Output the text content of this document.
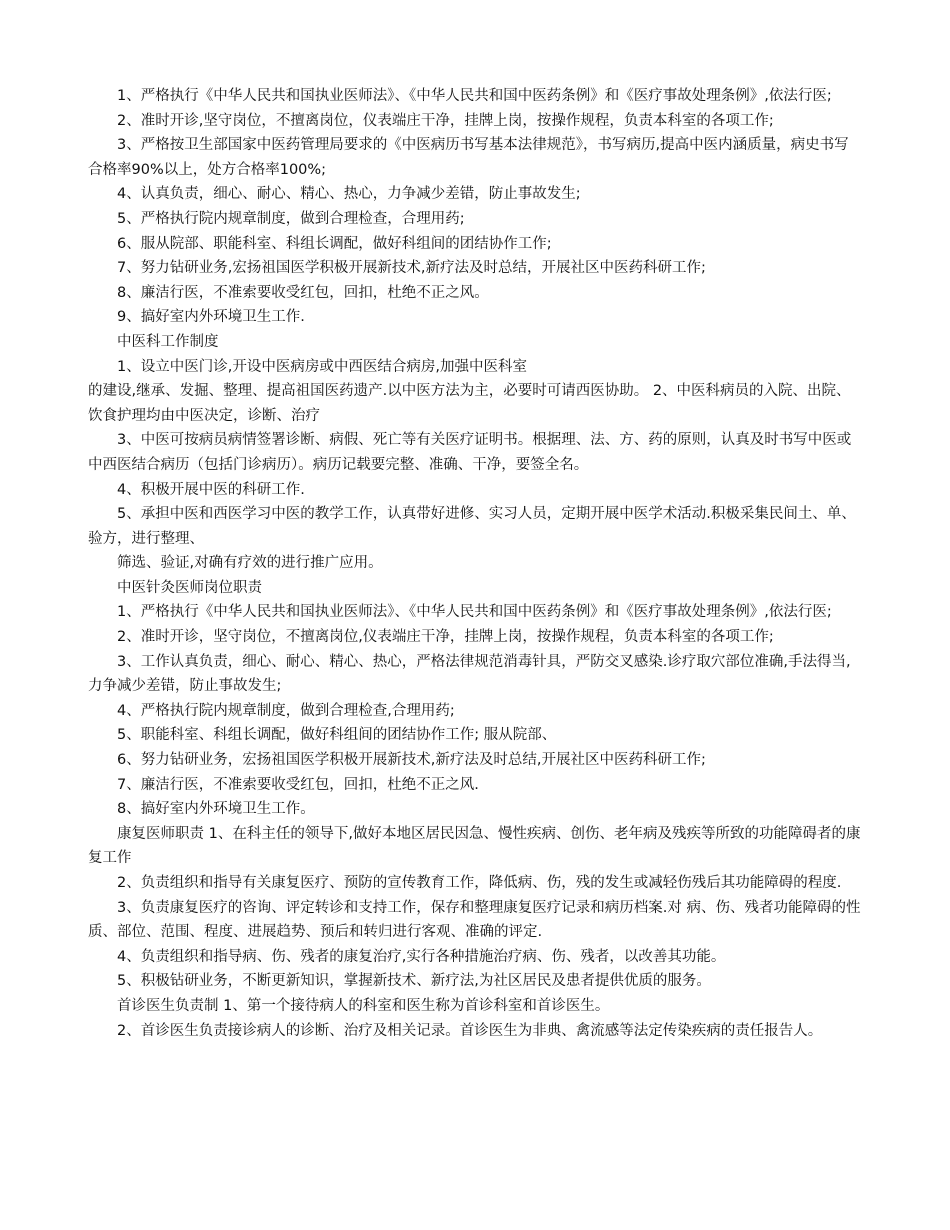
1、严格执行《中华人民共和国执业医师法》、《中华人民共和国中医药条例》和《医疗事故处理条例》,依法行医;

2、准时开诊,坚守岗位，不擅离岗位，仪表端庄干净，挂牌上岗，按操作规程，负责本科室的各项工作;

3、严格按卫生部国家中医药管理局要求的《中医病历书写基本法律规范》，书写病历,提高中医内涵质量，病史书写合格率90%以上，处方合格率100%;

4、认真负责，细心、耐心、精心、热心，力争减少差错，防止事故发生;

5、严格执行院内规章制度，做到合理检查，合理用药;

6、服从院部、职能科室、科组长调配，做好科组间的团结协作工作;

7、努力钻研业务,宏扬祖国医学积极开展新技术,新疗法及时总结，开展社区中医药科研工作;

8、廉洁行医，不准索要收受红包，回扣，杜绝不正之风。

9、搞好室内外环境卫生工作.

中医科工作制度

1、设立中医门诊,开设中医病房或中西医结合病房,加强中医科室

的建设,继承、发掘、整理、提高祖国医药遗产.以中医方法为主，必要时可请西医协助。 2、中医科病员的入院、出院、饮食护理均由中医决定，诊断、治疗

3、中医可按病员病情签署诊断、病假、死亡等有关医疗证明书。根据理、法、方、药的原则，认真及时书写中医或中西医结合病历（包括门诊病历）。病历记载要完整、准确、干净，要签全名。

4、积极开展中医的科研工作.

5、承担中医和西医学习中医的教学工作，认真带好进修、实习人员，定期开展中医学术活动.积极采集民间土、单、验方，进行整理、

筛选、验证,对确有疗效的进行推广应用。

中医针灸医师岗位职责

1、严格执行《中华人民共和国执业医师法》、《中华人民共和国中医药条例》和《医疗事故处理条例》,依法行医;

2、准时开诊，坚守岗位，不擅离岗位,仪表端庄干净，挂牌上岗，按操作规程，负责本科室的各项工作;

3、工作认真负责，细心、耐心、精心、热心，严格法律规范消毒针具，严防交叉感染.诊疗取穴部位准确,手法得当,力争减少差错，防止事故发生;

4、严格执行院内规章制度，做到合理检查,合理用药;

5、职能科室、科组长调配，做好科组间的团结协作工作; 服从院部、

6、努力钻研业务，宏扬祖国医学积极开展新技术,新疗法及时总结,开展社区中医药科研工作;

7、廉洁行医，不准索要收受红包，回扣，杜绝不正之风.

8、搞好室内外环境卫生工作。

康复医师职责 1、在科主任的领导下,做好本地区居民因急、慢性疾病、创伤、老年病及残疾等所致的功能障碍者的康复工作

2、负责组织和指导有关康复医疗、预防的宣传教育工作，降低病、伤，残的发生或减轻伤残后其功能障碍的程度.

3、负责康复医疗的咨询、评定转诊和支持工作，保存和整理康复医疗记录和病历档案.对 病、伤、残者功能障碍的性质、部位、范围、程度、进展趋势、预后和转归进行客观、准确的评定.

4、负责组织和指导病、伤、残者的康复治疗,实行各种措施治疗病、伤、残者，以改善其功能。

5、积极钻研业务，不断更新知识，掌握新技术、新疗法,为社区居民及患者提供优质的服务。

首诊医生负责制 1、第一个接待病人的科室和医生称为首诊科室和首诊医生。

2、首诊医生负责接诊病人的诊断、治疗及相关记录。首诊医生为非典、禽流感等法定传染疾病的责任报告人。
